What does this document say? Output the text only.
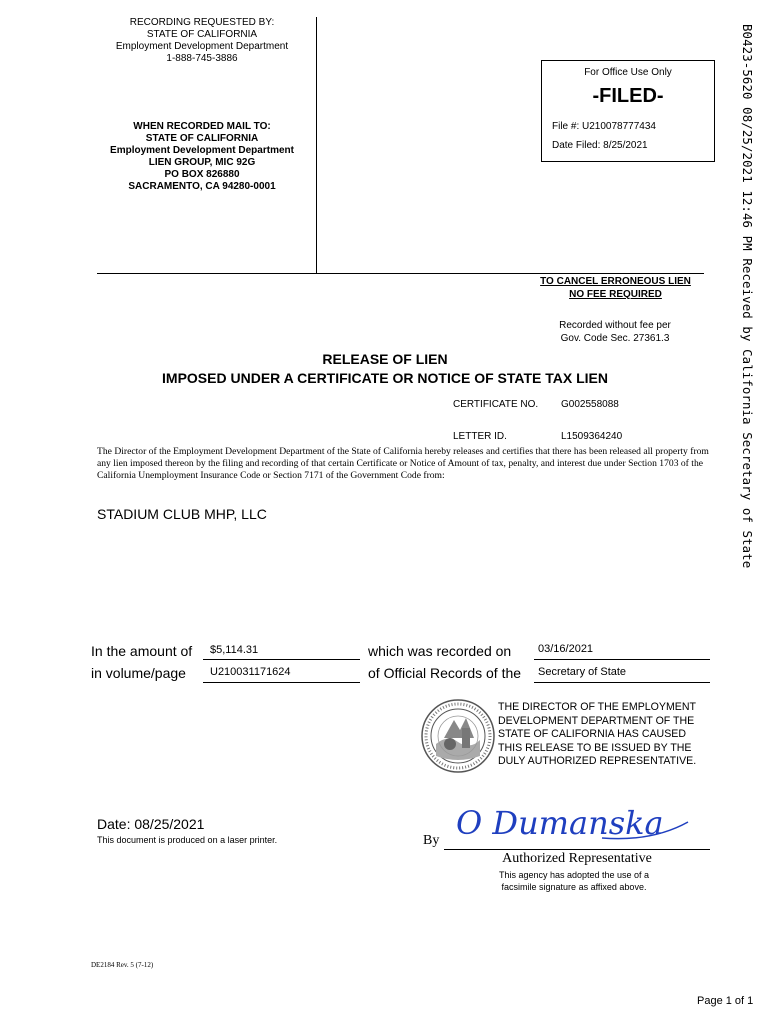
RECORDING REQUESTED BY:
STATE OF CALIFORNIA
Employment Development Department
1-888-745-3886
WHEN RECORDED MAIL TO:
STATE OF CALIFORNIA
Employment Development Department
LIEN GROUP, MIC 92G
PO BOX 826880
SACRAMENTO, CA 94280-0001
For Office Use Only
-FILED-
File #: U210078777434
Date Filed: 8/25/2021	B0423-5620 08/25/2021 12:46 PM Received by California Secretary of State
TO CANCEL ERRONEOUS LIEN
NO FEE REQUIRED
Recorded without fee per
Gov. Code Sec. 27361.3
RELEASE OF LIEN
IMPOSED UNDER A CERTIFICATE OR NOTICE OF STATE TAX LIEN
CERTIFICATE NO. G002558088
LETTER ID.	L1509364240
The Director of the Employment Development Department of the State of California hereby releases and certifies that there has been released all property from any lien imposed thereon by the filing and recording of that certain Certificate or Notice of Amount of tax, penalty, and interest due under Section 1703 of the California Unemployment Insurance Code or Section 7171 of the Government Code from:
STADIUM CLUB MHP, LLC
In the amount of $5,114.31	which was recorded on 03/16/2021
in volume/page U210031171624	of Official Records of the Secretary of State
THE DIRECTOR OF THE EMPLOYMENT
DEVELOPMENT DEPARTMENT OF THE
STATE OF CALIFORNIA HAS CAUSED
THIS RELEASE TO BE ISSUED BY THE
DULY AUTHORIZED REPRESENTATIVE.
Date: 08/25/2021
This document is produced on a laser printer.	By O Dumanska
Authorized Representative
This agency has adopted the use of a
facsimile signature as affixed above.
DE2184 Rev. 5 (7-12)
Page 1 of 1
